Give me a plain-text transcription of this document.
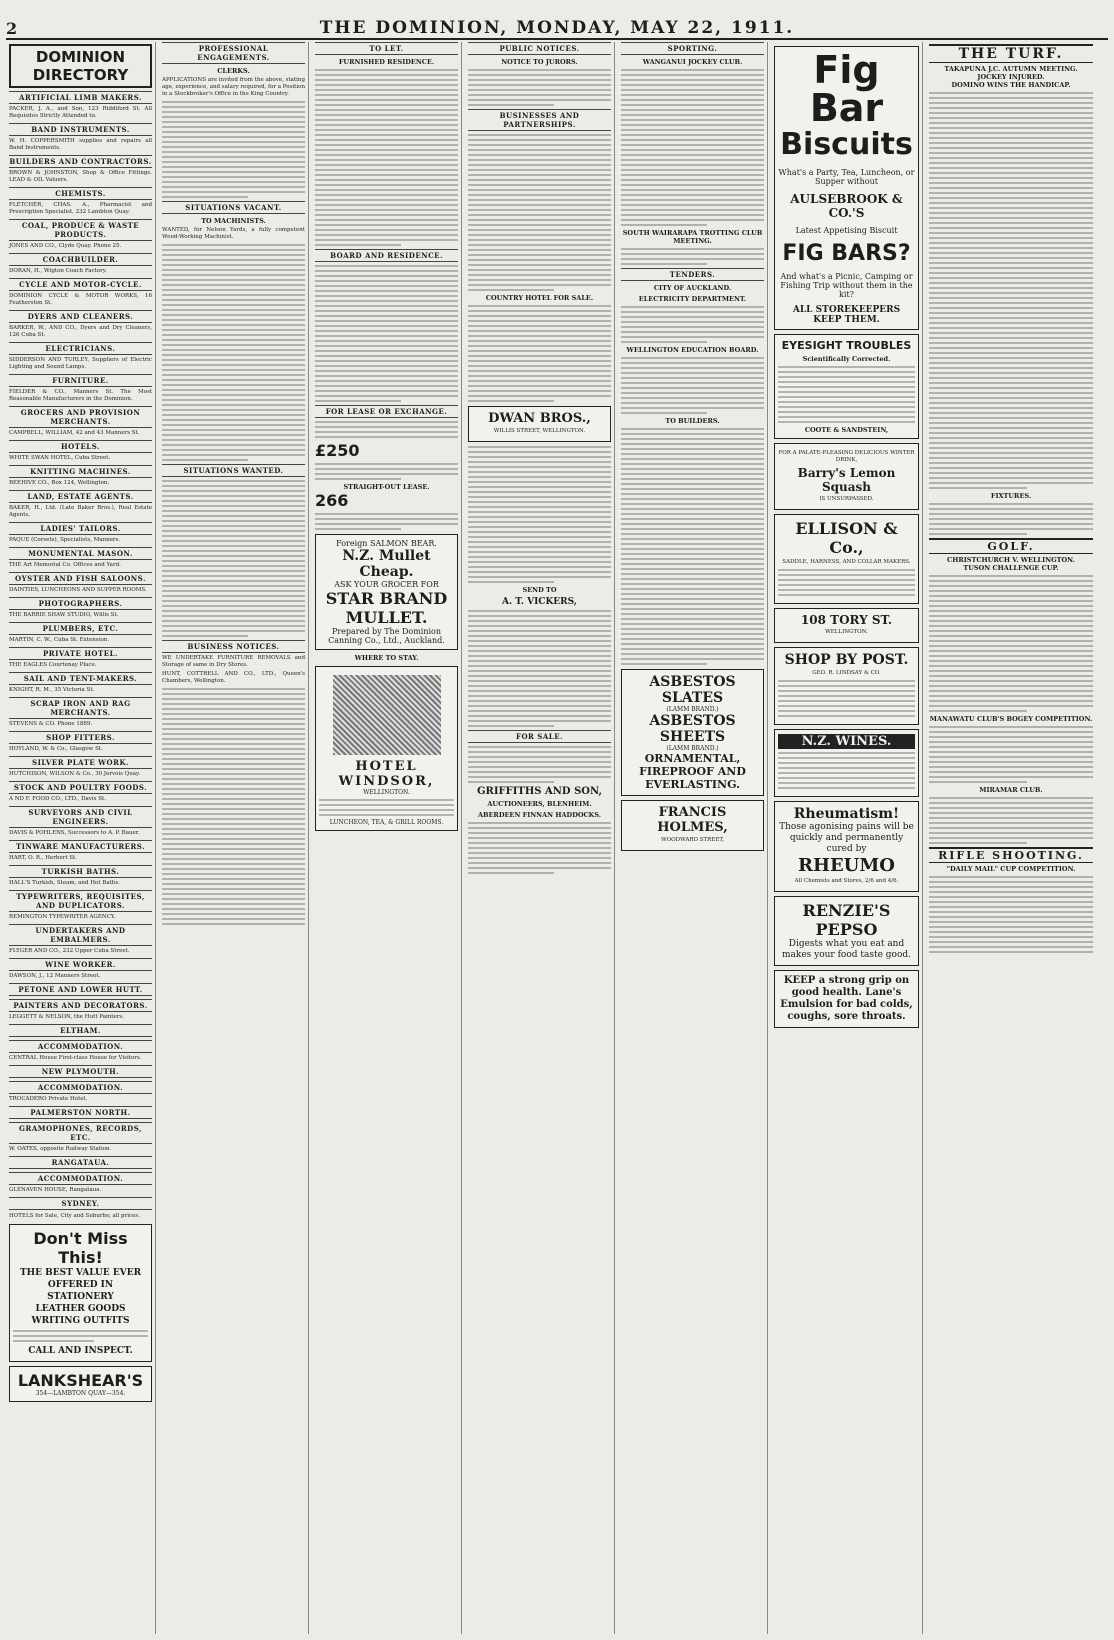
2	THE DOMINION, MONDAY, MAY 22, 1911.
DOMINION DIRECTORY
ARTIFICIAL LIMB MAKERS.
PACKER, J. A., and Son, 123 Riddiford St. All Requisites Strictly Attended to.
BAND INSTRUMENTS.
W. H. COPPERSMITH supplies and repairs all Band Instruments.
BUILDERS AND CONTRACTORS.
BROWN & JOHNSTON, Shop & Office Fittings. LEAD & OIL Valuers.
CHEMISTS.
FLETCHER, CHAS. A., Pharmacist and Prescription Specialist, 232 Lambton Quay.
COAL, PRODUCE & WASTE PRODUCTS.
JONES AND CO., Clyde Quay. Phone 25.
COACHBUILDER.
DORAN, H., Wigton Coach Factory.
CYCLE AND MOTOR-CYCLE.
DOMINION CYCLE & MOTOR WORKS, 16 Featherston St.
DYERS AND CLEANERS.
BARKER, W., AND CO., Dyers and Dry Cleaners, 126 Cuba St.
ELECTRICIANS.
SIDDERSON AND TURLEY, Suppliers of Electric Lighting and Sound Lamps.
FURNITURE.
FIELDER & CO., Manners St. The Most Reasonable Manufacturers in the Dominion.
GROCERS AND PROVISION MERCHANTS.
CAMPBELL, WILLIAM, 42 and 43 Manners St.
HOTELS.
WHITE SWAN HOTEL, Cuba Street.
KNITTING MACHINES.
BEEHIVE CO., Box 124, Wellington.
LAND, ESTATE AGENTS.
BAKER, H., Ltd. (Late Baker Bros.), Real Estate Agents.
LADIES' TAILORS.
PAQUE (Corsets), Specialists, Manners.
MONUMENTAL MASON.
THE Art Memorial Co. Offices and Yard.
OYSTER AND FISH SALOONS.
DAINTIES, LUNCHEONS AND SUPPER ROOMS.
PHOTOGRAPHERS.
THE BARRIE SHAW STUDIO, Willis St.
PLUMBERS, ETC.
MARTIN, C. W., Cuba St. Extension.
PRIVATE HOTEL.
THE EAGLES Courtenay Place.
SAIL AND TENT-MAKERS.
KNIGHT, R. M., 35 Victoria St.
SCRAP IRON AND RAG MERCHANTS.
STEVENS & CO. Phone 1889.
SHOP FITTERS.
HOYLAND, W. & Co., Glasgow St.
SILVER PLATE WORK.
HUTCHISON, WILSON & Co., 30 Jervois Quay.
STOCK AND POULTRY FOODS.
A ND F. FOOD CO., LTD., Davis St.
SURVEYORS AND CIVIL ENGINEERS.
DAVIS & POHLENS, Successors to A. P. Bauer.
TINWARE MANUFACTURERS.
HART, O. R., Herbert St.
TURKISH BATHS.
HALL'S Turkish, Steam, and Hot Baths.
TYPEWRITERS, REQUISITES, AND DUPLICATORS.
REMINGTON TYPEWRITER AGENCY.
UNDERTAKERS AND EMBALMERS.
FLYGER AND CO., 232 Upper Cuba Street.
WINE WORKER.
DAWSON, J., 12 Manners Street.
PETONE AND LOWER HUTT.
PAINTERS AND DECORATORS.
LEGGETT & NELSON, the Hutt Painters.
ELTHAM.
ACCOMMODATION.
CENTRAL House First-class House for Visitors.
NEW PLYMOUTH.
ACCOMMODATION.
TROCADERO Private Hotel.
PALMERSTON NORTH.
GRAMOPHONES, RECORDS, ETC.
W. OATES, opposite Railway Station.
RANGATAUA.
ACCOMMODATION.
GLENAVEN HOUSE, Rangataua.
SYDNEY.
HOTELS for Sale, City and Suburbs; all prices.
Don't Miss This!
THE BEST VALUE EVER OFFERED IN
STATIONERY
LEATHER GOODS
WRITING OUTFITS
CALL AND INSPECT.
LANKSHEAR'S
354—LAMBTON QUAY—354.
PROFESSIONAL ENGAGEMENTS.
CLERKS.
APPLICATIONS are invited from the above, stating age, experience, and salary required, for a Position in a Stockbroker's Office in the King Country.
SITUATIONS VACANT.
TO MACHINISTS.
WANTED, for Nelson Yards, a fully competent Wood-Working Machinist.
SITUATIONS WANTED.
BUSINESS NOTICES.
WE UNDERTAKE FURNITURE REMOVALS and Storage of same in Dry Stores.
HUNT, COTTRELL AND CO., LTD., Queen's Chambers, Wellington.
TO LET.
FURNISHED RESIDENCE.
BOARD AND RESIDENCE.
FOR LEASE OR EXCHANGE.
£250
STRAIGHT-OUT LEASE.
266
Foreign SALMON BEAR.
N.Z. Mullet Cheap.
ASK YOUR GROCER FOR
STAR BRAND MULLET.
Prepared by The Dominion Canning Co., Ltd., Auckland.
WHERE TO STAY.
HOTEL WINDSOR,
WELLINGTON.
LUNCHEON, TEA, & GRILL ROOMS.
PUBLIC NOTICES.
NOTICE TO JURORS.
BUSINESSES AND PARTNERSHIPS.
COUNTRY HOTEL FOR SALE.
DWAN BROS.,
WILLIS STREET, WELLINGTON.
SEND TO
A. T. VICKERS,
FOR SALE.
GRIFFITHS AND SON,
AUCTIONEERS, BLENHEIM.
ABERDEEN FINNAN HADDOCKS.
SPORTING.
WANGANUI JOCKEY CLUB.
SOUTH WAIRARAPA TROTTING CLUB MEETING.
TENDERS.
CITY OF AUCKLAND.
ELECTRICITY DEPARTMENT.
WELLINGTON EDUCATION BOARD.
TO BUILDERS.
ASBESTOS SLATES
(LAMM BRAND.)
ASBESTOS SHEETS
(LAMM BRAND.)
ORNAMENTAL,
FIREPROOF AND
EVERLASTING.
FRANCIS HOLMES,
WOODWARD STREET,
Fig
Bar
Biscuits
What's a Party, Tea, Luncheon, or Supper without
AULSEBROOK & CO.'S
Latest Appetising Biscuit
FIG BARS?
And what's a Picnic, Camping or Fishing Trip without them in the kit?
ALL STOREKEEPERS KEEP THEM.
EYESIGHT TROUBLES
Scientifically Corrected.
COOTE & SANDSTEIN,
FOR A PALATE-PLEASING DELICIOUS WINTER DRINK,
Barry's Lemon Squash
IS UNSURPASSED.
ELLISON & Co.,
SADDLE, HARNESS, AND COLLAR MAKERS.
108 TORY ST.
WELLINGTON.
SHOP BY POST.
GEO. R. LINDSAY & CO.
N.Z. WINES.
Rheumatism!
Those agonising pains will be quickly and permanently cured by
RHEUMO
All Chemists and Stores, 2/6 and 4/6.
RENZIE'S PEPSO
Digests what you eat and makes your food taste good.
KEEP a strong grip on good health. Lane's Emulsion for bad colds, coughs, sore throats.
THE TURF.
TAKAPUNA J.C. AUTUMN MEETING.
JOCKEY INJURED.
DOMINO WINS THE HANDICAP.
FIXTURES.
GOLF.
CHRISTCHURCH V. WELLINGTON.
TUSON CHALLENGE CUP.
MANAWATU CLUB'S BOGEY COMPETITION.
MIRAMAR CLUB.
RIFLE SHOOTING.
"DAILY MAIL" CUP COMPETITION.
